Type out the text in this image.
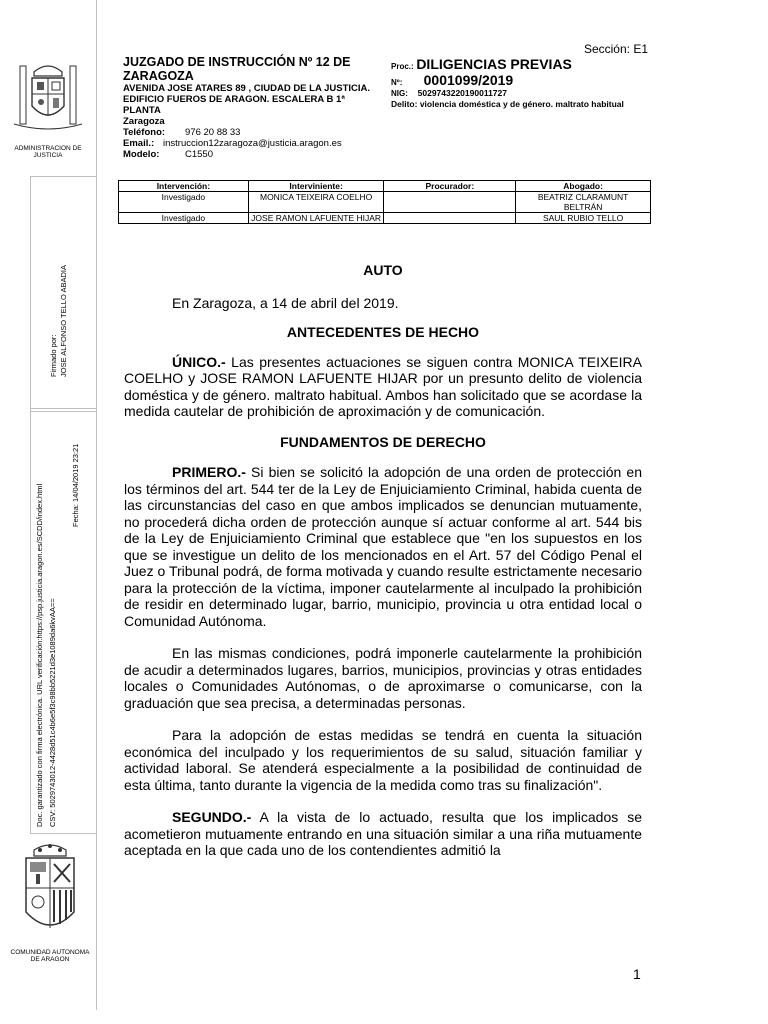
ADMINISTRACION DE JUSTICIA
Firmado por: JOSE ALFONSO TELLO ABADIA
Doc. garantizado con firma electrónica. URL verificación:https://psp.justicia.aragon.es/SCDD/index.html CSV: 5029743012-4428d51c4b6e5f3c98bb5221d3e1089da6kvAA==
Fecha: 14/04/2019 23:21
COMUNIDAD AUTONOMA DE ARAGON
Sección: E1
JUZGADO DE INSTRUCCIÓN Nº 12 DE ZARAGOZA
AVENIDA JOSE ATARES 89 , CIUDAD DE LA JUSTICIA. EDIFICIO FUEROS DE ARAGON. ESCALERA B 1ª PLANTA
Zaragoza
Teléfono:	976 20 88 33
Email.: instruccion12zaragoza@justicia.aragon.es
Modelo:	C1550
Proc.: DILIGENCIAS PREVIAS
Nº: 0001099/2019
NIG: 5029743220190011727
Delito: violencia doméstica y de género. maltrato habitual
Intervención:	Interviniente:	Procurador:	Abogado:
Investigado	MONICA TEIXEIRA COELHO		BEATRIZ CLARAMUNT BELTRÁN
Investigado	JOSE RAMON LAFUENTE HIJAR		SAUL RUBIO TELLO
AUTO

En Zaragoza, a 14 de abril del 2019.

ANTECEDENTES DE HECHO

ÚNICO.- Las presentes actuaciones se siguen contra MONICA TEIXEIRA COELHO y JOSE RAMON LAFUENTE HIJAR por un presunto delito de violencia doméstica y de género. maltrato habitual. Ambos han solicitado que se acordase la medida cautelar de prohibición de aproximación y de comunicación.

FUNDAMENTOS DE DERECHO

PRIMERO.- Si bien se solicitó la adopción de una orden de protección en los términos del art. 544 ter de la Ley de Enjuiciamiento Criminal, habida cuenta de las circunstancias del caso en que ambos implicados se denuncian mutuamente, no procederá dicha orden de protección aunque sí actuar conforme al art. 544 bis de la Ley de Enjuiciamiento Criminal que establece que "en los supuestos en los que se investigue un delito de los mencionados en el Art. 57 del Código Penal el Juez o Tribunal podrá, de forma motivada y cuando resulte estrictamente necesario para la protección de la víctima, imponer cautelarmente al inculpado la prohibición de residir en determinado lugar, barrio, municipio, provincia u otra entidad local o Comunidad Autónoma.

En las mismas condiciones, podrá imponerle cautelarmente la prohibición de acudir a determinados lugares, barrios, municipios, provincias y otras entidades locales o Comunidades Autónomas, o de aproximarse o comunicarse, con la graduación que sea precisa, a determinadas personas.

Para la adopción de estas medidas se tendrá en cuenta la situación económica del inculpado y los requerimientos de su salud, situación familiar y actividad laboral. Se atenderá especialmente a la posibilidad de continuidad de esta última, tanto durante la vigencia de la medida como tras su finalización".

SEGUNDO.- A la vista de lo actuado, resulta que los implicados se acometieron mutuamente entrando en una situación similar a una riña mutuamente aceptada en la que cada uno de los contendientes admitió la

1
